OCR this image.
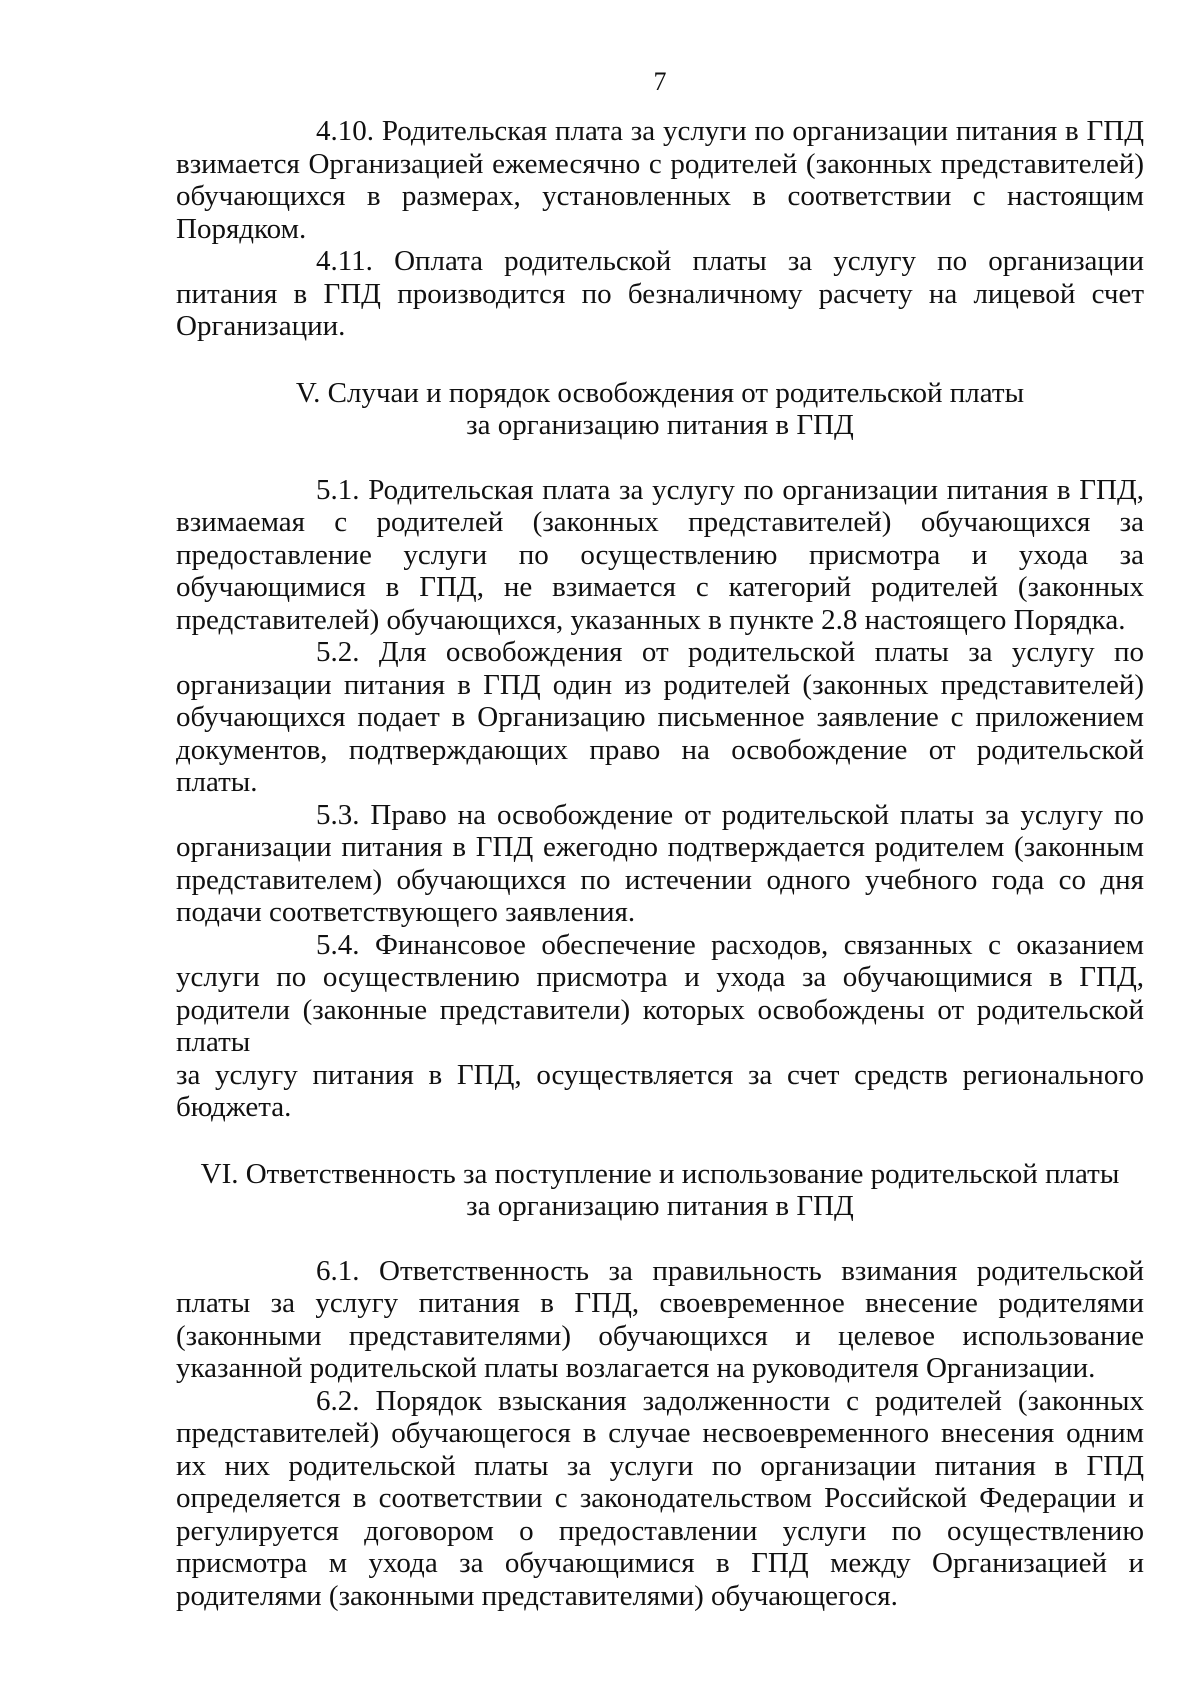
7

4.10. Родительская плата за услуги по организации питания в ГПД взимается Организацией ежемесячно с родителей (законных представителей) обучающихся в размерах, установленных в соответствии с настоящим Порядком.

4.11. Оплата родительской платы за услугу по организации питания в ГПД производится по безналичному расчету на лицевой счет Организации.

V. Случаи и порядок освобождения от родительской платы
за организацию питания в ГПД

5.1. Родительская плата за услугу по организации питания в ГПД, взимаемая с родителей (законных представителей) обучающихся за предоставление услуги по осуществлению присмотра и ухода за обучающимися в ГПД, не взимается с категорий родителей (законных представителей) обучающихся, указанных в пункте 2.8 настоящего Порядка.

5.2. Для освобождения от родительской платы за услугу по организации питания в ГПД один из родителей (законных представителей) обучающихся подает в Организацию письменное заявление с приложением документов, подтверждающих право на освобождение от родительской платы.

5.3. Право на освобождение от родительской платы за услугу по организации питания в ГПД ежегодно подтверждается родителем (законным представителем) обучающихся по истечении одного учебного года со дня подачи соответствующего заявления.

5.4. Финансовое обеспечение расходов, связанных с оказанием услуги по осуществлению присмотра и ухода за обучающимися в ГПД, родители (законные представители) которых освобождены от родительской платы

за услугу питания в ГПД, осуществляется за счет средств регионального бюджета.

VI. Ответственность за поступление и использование родительской платы
за организацию питания в ГПД

6.1. Ответственность за правильность взимания родительской платы за услугу питания в ГПД, своевременное внесение родителями (законными представителями) обучающихся и целевое использование указанной родительской платы возлагается на руководителя Организации.

6.2. Порядок взыскания задолженности с родителей (законных представителей) обучающегося в случае несвоевременного внесения одним их них родительской платы за услуги по организации питания в ГПД определяется в соответствии с законодательством Российской Федерации и регулируется договором о предоставлении услуги по осуществлению присмотра м ухода за обучающимися в ГПД между Организацией и родителями (законными представителями) обучающегося.
